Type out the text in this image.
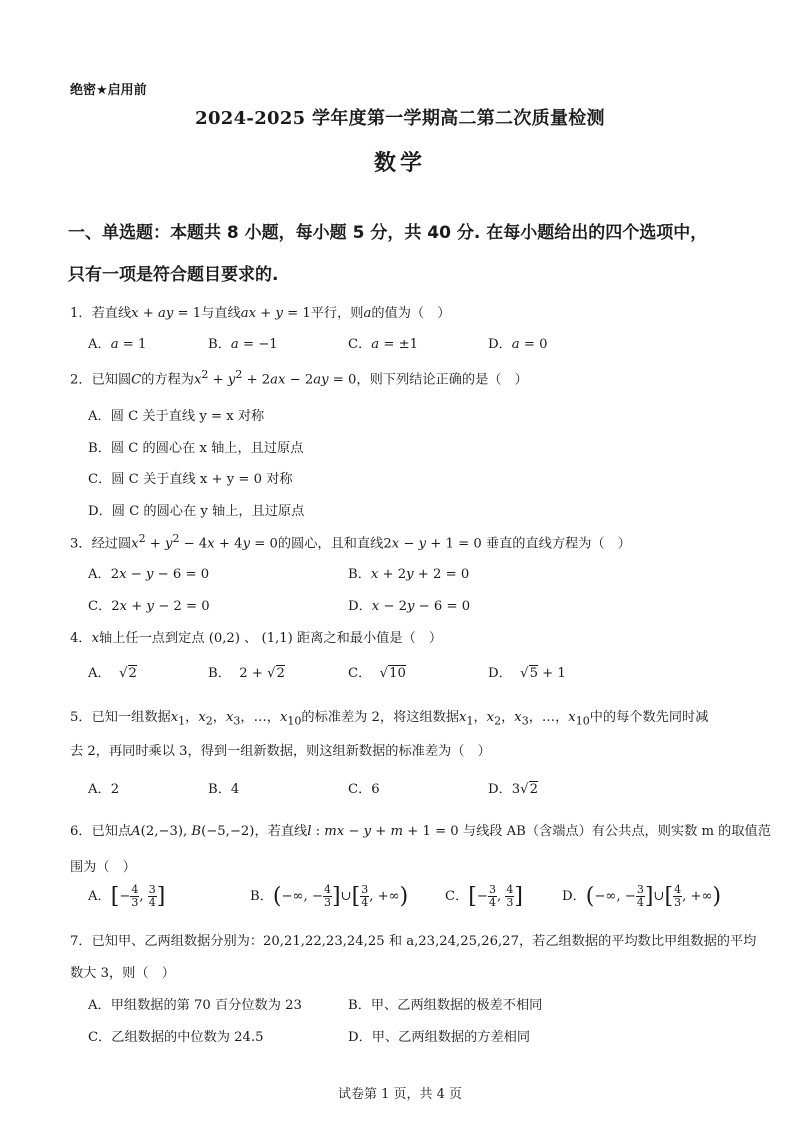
绝密★启用前
2024-2025 学年度第一学期高二第二次质量检测
数学
一、单选题：本题共 8 小题，每小题 5 分，共 40 分. 在每小题给出的四个选项中，
只有一项是符合题目要求的.
1．若直线x + ay = 1与直线ax + y = 1平行，则a的值为（　）
A．a = 1	B．a = −1	C．a = ±1	D．a = 0
2．已知圆C的方程为$x^2 + y^2 + 2ax - 2ay = 0$，则下列结论正确的是（　）
A．圆 C 关于直线 y = x 对称
B．圆 C 的圆心在 x 轴上，且过原点
C．圆 C 关于直线 x + y = 0 对称
D．圆 C 的圆心在 y 轴上，且过原点
3．经过圆$x^2 + y^2 - 4x + 4y = 0$的圆心，且和直线2x − y + 1 = 0 垂直的直线方程为（　）
A．2x − y − 6 = 0	B．x + 2y + 2 = 0
C．2x + y − 2 = 0	D．x − 2y − 6 = 0
4．x轴上任一点到定点 (0,2) 、 (1,1) 距离之和最小值是（　）
A．  √2	B．  2 + √2	C．  √10	D．  √5 + 1
5．已知一组数据$x_1$，$x_2$，$x_3$，…，$x_{10}$的标准差为 2，将这组数据$x_1$，$x_2$，$x_3$，…，$x_{10}$中的每个数先同时减
去 2，再同时乘以 3，得到一组新数据，则这组新数据的标准差为（　）
A．2	B．4	C．6	D．3√2
6．已知点A(2,−3), B(−5,−2)，若直线l : mx − y + m + 1 = 0 与线段 AB（含端点）有公共点，则实数 m 的取值范
围为（　）
A．[− $\frac{4}{3}$ , $\frac{3}{4}$ ]	B．(−∞, − $\frac{4}{3}$ ]∪[ $\frac{3}{4}$ , +∞)	C．[− $\frac{3}{4}$ , $\frac{4}{3}$ ]	D．(−∞, − $\frac{3}{4}$ ]∪[ $\frac{4}{3}$ , +∞)
7．已知甲、乙两组数据分别为：20,21,22,23,24,25 和 a,23,24,25,26,27，若乙组数据的平均数比甲组数据的平均
数大 3，则（　）
A．甲组数据的第 70 百分位数为 23	B．甲、乙两组数据的极差不相同
C．乙组数据的中位数为 24.5	D．甲、乙两组数据的方差相同
试卷第 1 页，共 4 页
